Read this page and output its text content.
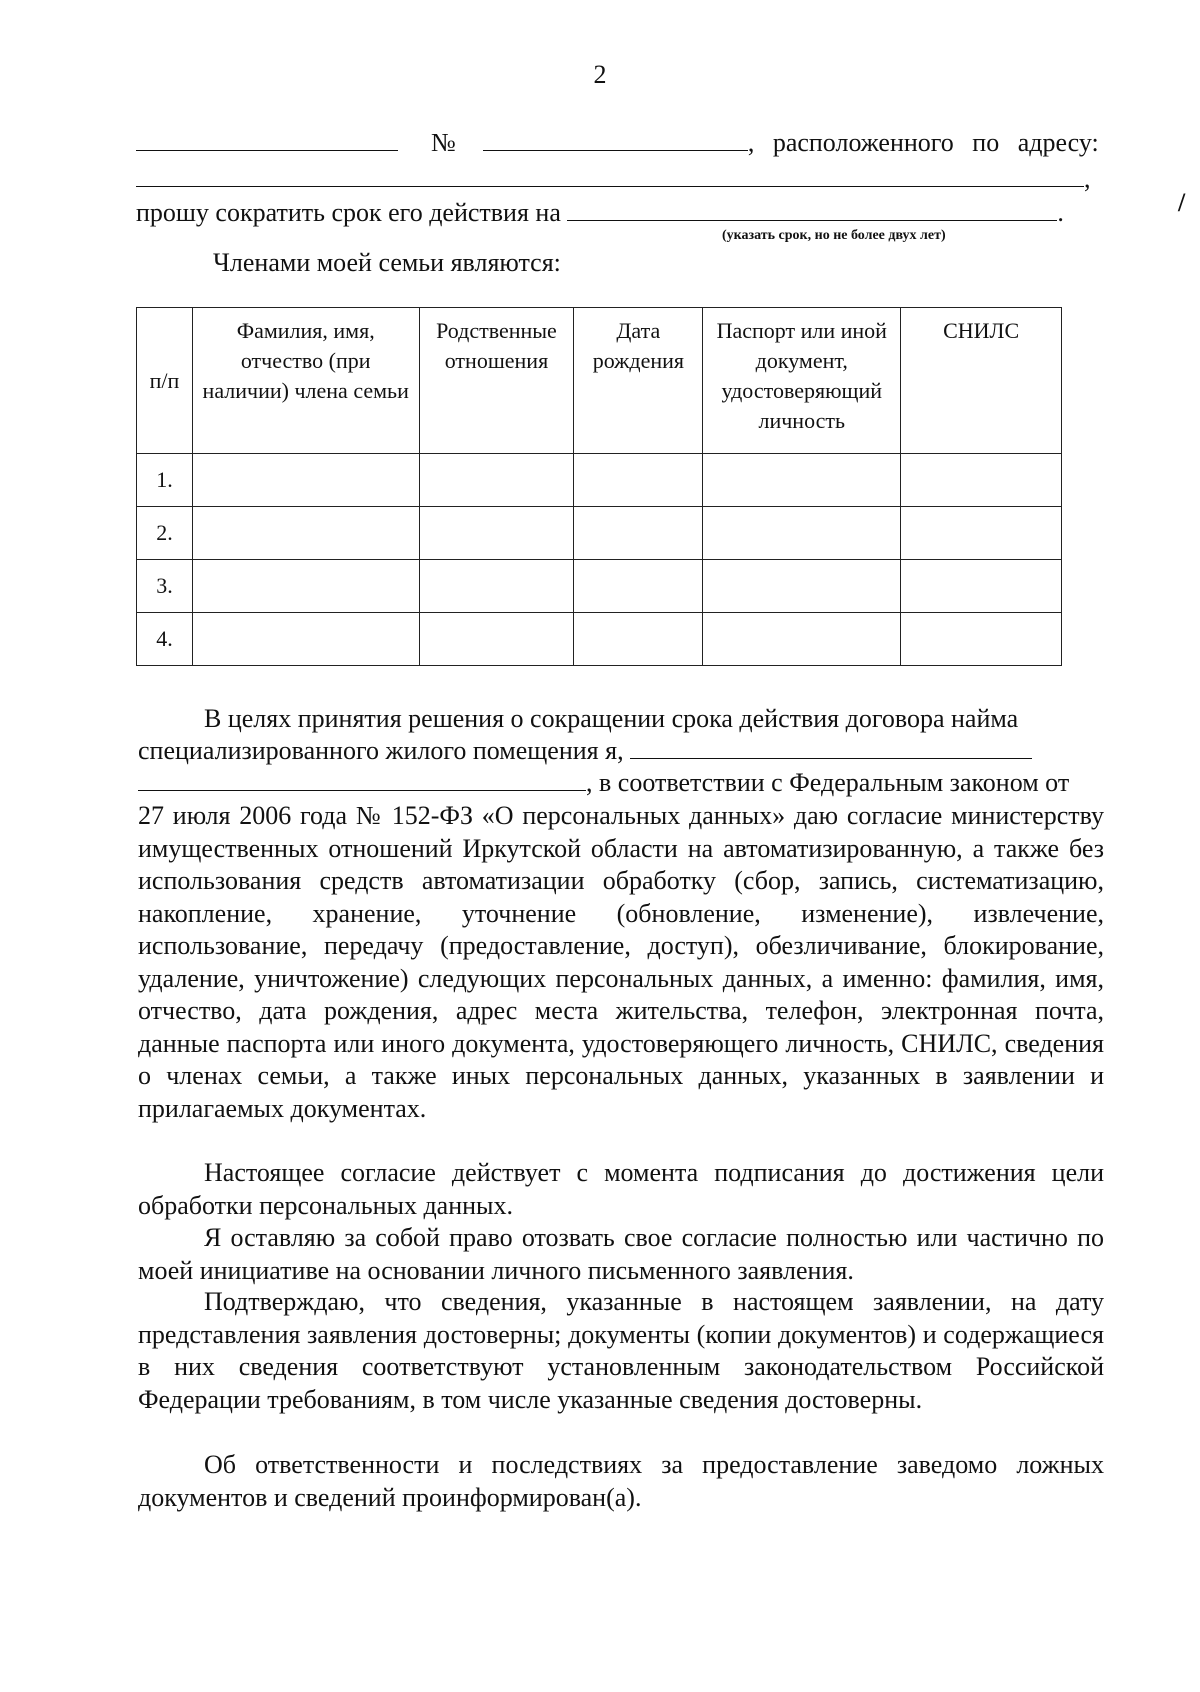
2
№	, расположенного по адресу:
,
прошу сократить срок его действия на	.	/
(указать срок, но не более двух лет)
Членами моей семьи являются:
п/п	Фамилия, имя, отчество (при наличии) члена семьи	Родственные отношения	Дата рождения	Паспорт или иной документ, удостоверяющий личность	СНИЛС
1.					
2.					
3.					
4.					
В целях принятия решения о сокращении срока действия договора найма
специализированного жилого помещения я,
, в соответствии с Федеральным законом от
27 июля 2006 года № 152-ФЗ «О персональных данных» даю согласие министерству имущественных отношений Иркутской области на автоматизированную, а также без использования средств автоматизации обработку (сбор, запись, систематизацию, накопление, хранение, уточнение (обновление, изменение), извлечение, использование, передачу (предоставление, доступ), обезличивание, блокирование, удаление, уничтожение) следующих персональных данных, а именно: фамилия, имя, отчество, дата рождения, адрес места жительства, телефон, электронная почта, данные паспорта или иного документа, удостоверяющего личность, СНИЛС, сведения о членах семьи, а также иных персональных данных, указанных в заявлении и прилагаемых документах.
Настоящее согласие действует с момента подписания до достижения цели обработки персональных данных.
Я оставляю за собой право отозвать свое согласие полностью или частично по моей инициативе на основании личного письменного заявления.
Подтверждаю, что сведения, указанные в настоящем заявлении, на дату представления заявления достоверны; документы (копии документов) и содержащиеся в них сведения соответствуют установленным законодательством Российской Федерации требованиям, в том числе указанные сведения достоверны.
Об ответственности и последствиях за предоставление заведомо ложных документов и сведений проинформирован(а).
